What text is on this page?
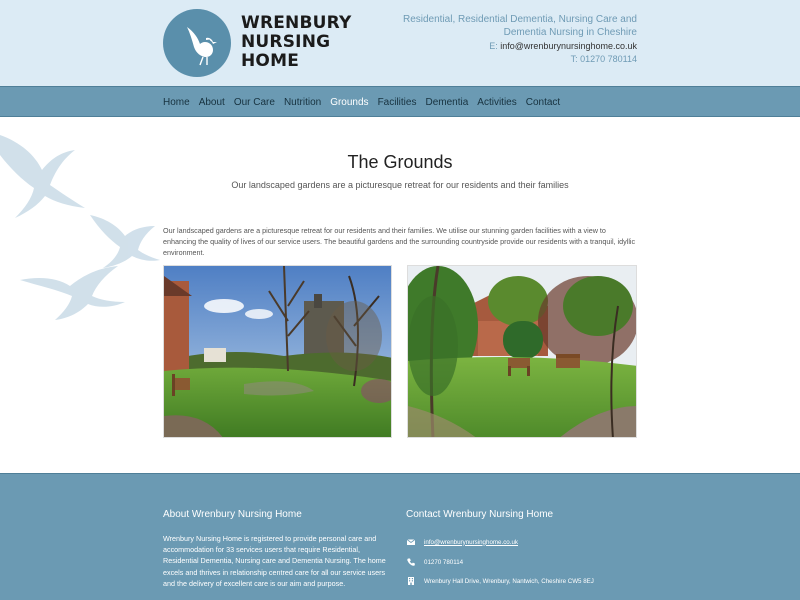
WRENBURY
NURSING
HOME
Residential, Residential Dementia, Nursing Care and Dementia Nursing in Cheshire
E: info@wrenburynursinghome.co.uk
T: 01270 780114
Home About Our Care Nutrition Grounds Facilities Dementia Activities Contact
The Grounds
Our landscaped gardens are a picturesque retreat for our residents and their families
Our landscaped gardens are a picturesque retreat for our residents and their families. We utilise our stunning garden facilities with a view to enhancing the quality of lives of our service users. The beautiful gardens and the surrounding countryside provide our residents with a tranquil, idyllic environment.
About Wrenbury Nursing Home
Wrenbury Nursing Home is registered to provide personal care and accommodation for 33 services users that require Residential, Residential Dementia, Nursing care and Dementia Nursing. The home excels and thrives in relationship centred care for all our service users and the delivery of excellent care is our aim and purpose.
Contact Wrenbury Nursing Home
info@wrenburynursinghome.co.uk
01270 780114
Wrenbury Hall Drive, Wrenbury, Nantwich, Cheshire CW5 8EJ
